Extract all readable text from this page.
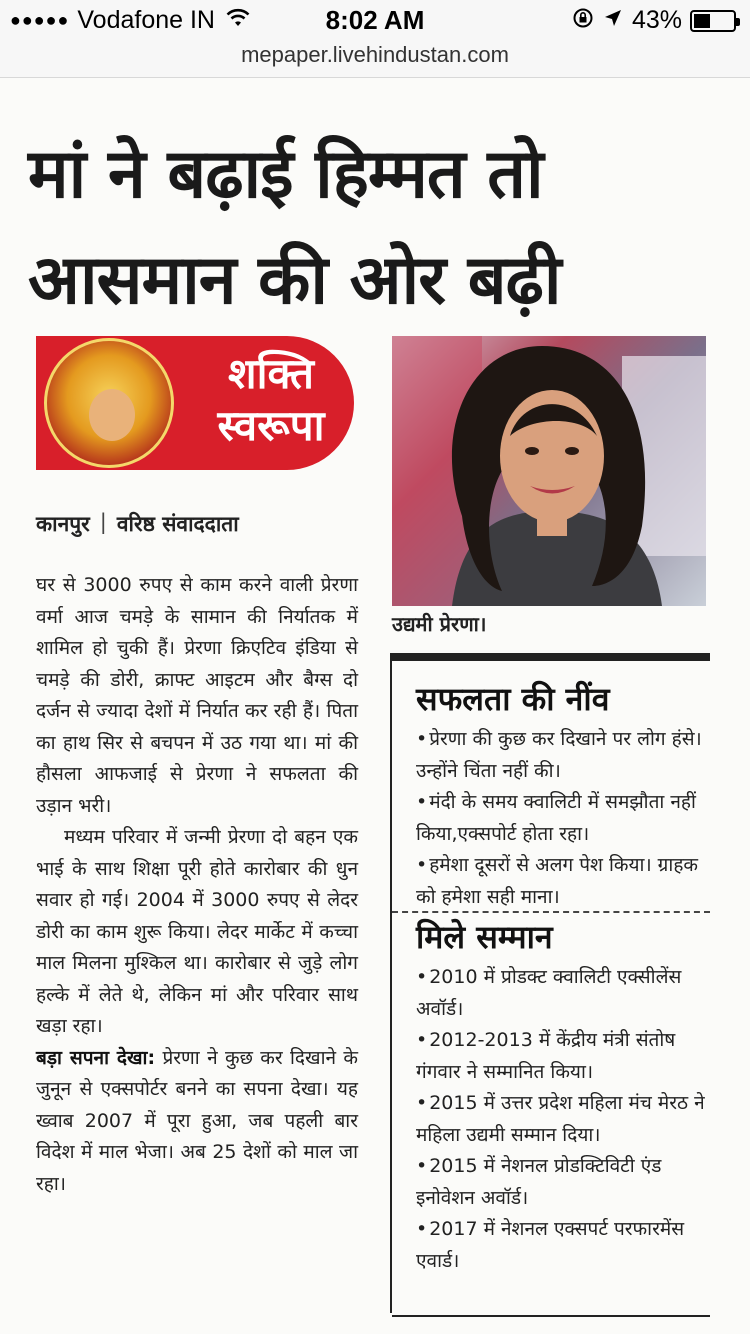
●●●●● Vodafone IN	8:02 AM	43%
mepaper.livehindustan.com
मां ने बढ़ाई हिम्मत तो
आसमान की ओर बढ़ी
शक्ति
स्वरूपा
उद्यमी प्रेरणा।
कानपुर | वरिष्ठ संवाददाता

घर से 3000 रुपए से काम करने वाली प्रेरणा वर्मा आज चमड़े के सामान की निर्यातक में शामिल हो चुकी हैं। प्रेरणा क्रिएटिव इंडिया से चमड़े की डोरी, क्राफ्ट आइटम और बैग्स दो दर्जन से ज्यादा देशों में निर्यात कर रही हैं। पिता का हाथ सिर से बचपन में उठ गया था। मां की हौसला आफजाई से प्रेरणा ने सफलता की उड़ान भरी।

मध्यम परिवार में जन्मी प्रेरणा दो बहन एक भाई के साथ शिक्षा पूरी होते कारोबार की धुन सवार हो गई। 2004 में 3000 रुपए से लेदर डोरी का काम शुरू किया। लेदर मार्केट में कच्चा माल मिलना मुश्किल था। कारोबार से जुड़े लोग हल्के में लेते थे, लेकिन मां और परिवार साथ खड़ा रहा।

बड़ा सपना देखा: प्रेरणा ने कुछ कर दिखाने के जुनून से एक्सपोर्टर बनने का सपना देखा। यह ख्वाब 2007 में पूरा हुआ, जब पहली बार विदेश में माल भेजा। अब 25 देशों को माल जा रहा।

सफलता की नींव
• प्रेरणा की कुछ कर दिखाने पर लोग हंसे। उन्होंने चिंता नहीं की।
• मंदी के समय क्वालिटी में समझौता नहीं किया,एक्सपोर्ट होता रहा।
• हमेशा दूसरों से अलग पेश किया। ग्राहक को हमेशा सही माना।
मिले सम्मान
• 2010 में प्रोडक्ट क्वालिटी एक्सीलेंस अवॉर्ड।
• 2012-2013 में केंद्रीय मंत्री संतोष गंगवार ने सम्मानित किया।
• 2015 में उत्तर प्रदेश महिला मंच मेरठ ने महिला उद्यमी सम्मान दिया।
• 2015 में नेशनल प्रोडक्टिविटी एंड इनोवेशन अवॉर्ड।
• 2017 में नेशनल एक्सपर्ट परफारमेंस एवार्ड।
